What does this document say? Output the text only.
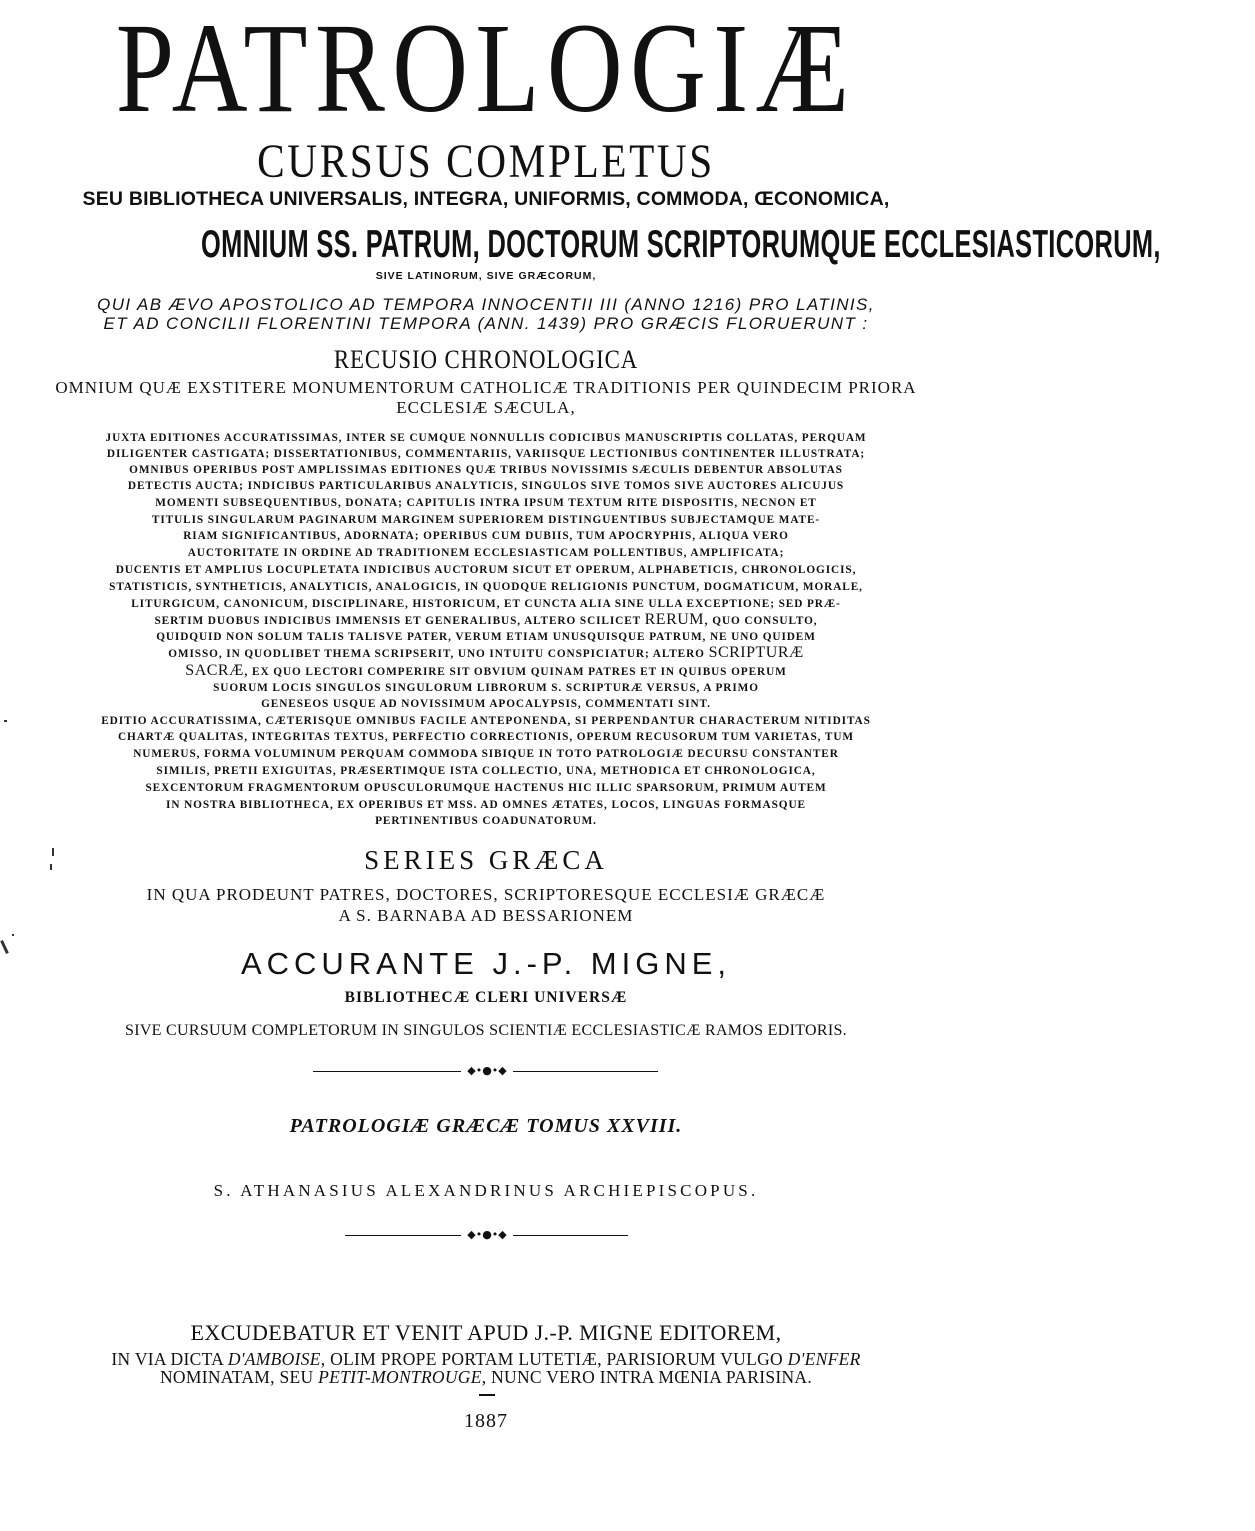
PATROLOGIÆ
CURSUS COMPLETUS
SEU BIBLIOTHECA UNIVERSALIS, INTEGRA, UNIFORMIS, COMMODA, ŒCONOMICA,
OMNIUM SS. PATRUM, DOCTORUM SCRIPTORUMQUE ECCLESIASTICORUM,
SIVE LATINORUM, SIVE GRÆCORUM,
QUI AB ÆVO APOSTOLICO AD TEMPORA INNOCENTII III (ANNO 1216) PRO LATINIS,
ET AD CONCILII FLORENTINI TEMPORA (ANN. 1439) PRO GRÆCIS FLORUERUNT :
RECUSIO CHRONOLOGICA
OMNIUM QUÆ EXSTITERE MONUMENTORUM CATHOLICÆ TRADITIONIS PER QUINDECIM PRIORA
ECCLESIÆ SÆCULA,
JUXTA EDITIONES ACCURATISSIMAS, INTER SE CUMQUE NONNULLIS CODICIBUS MANUSCRIPTIS COLLATAS, PERQUAM
DILIGENTER CASTIGATA; DISSERTATIONIBUS, COMMENTARIIS, VARIISQUE LECTIONIBUS CONTINENTER ILLUSTRATA;
OMNIBUS OPERIBUS POST AMPLISSIMAS EDITIONES QUÆ TRIBUS NOVISSIMIS SÆCULIS DEBENTUR ABSOLUTAS
DETECTIS AUCTA; INDICIBUS PARTICULARIBUS ANALYTICIS, SINGULOS SIVE TOMOS SIVE AUCTORES ALICUJUS
MOMENTI SUBSEQUENTIBUS, DONATA; CAPITULIS INTRA IPSUM TEXTUM RITE DISPOSITIS, NECNON ET
TITULIS SINGULARUM PAGINARUM MARGINEM SUPERIOREM DISTINGUENTIBUS SUBJECTAMQUE MATE-
RIAM SIGNIFICANTIBUS, ADORNATA; OPERIBUS CUM DUBIIS, TUM APOCRYPHIS, ALIQUA VERO
AUCTORITATE IN ORDINE AD TRADITIONEM ECCLESIASTICAM POLLENTIBUS, AMPLIFICATA;
DUCENTIS ET AMPLIUS LOCUPLETATA INDICIBUS AUCTORUM SICUT ET OPERUM, ALPHABETICIS, CHRONOLOGICIS,
STATISTICIS, SYNTHETICIS, ANALYTICIS, ANALOGICIS, IN QUODQUE RELIGIONIS PUNCTUM, DOGMATICUM, MORALE,
LITURGICUM, CANONICUM, DISCIPLINARE, HISTORICUM, ET CUNCTA ALIA SINE ULLA EXCEPTIONE; SED PRÆ-
SERTIM DUOBUS INDICIBUS IMMENSIS ET GENERALIBUS, ALTERO SCILICET RERUM, QUO CONSULTO,
QUIDQUID NON SOLUM TALIS TALISVE PATER, VERUM ETIAM UNUSQUISQUE PATRUM, NE UNO QUIDEM
OMISSO, IN QUODLIBET THEMA SCRIPSERIT, UNO INTUITU CONSPICIATUR; ALTERO SCRIPTURÆ
SACRÆ, EX QUO LECTORI COMPERIRE SIT OBVIUM QUINAM PATRES ET IN QUIBUS OPERUM
SUORUM LOCIS SINGULOS SINGULORUM LIBRORUM S. SCRIPTURÆ VERSUS, A PRIMO
GENESEOS USQUE AD NOVISSIMUM APOCALYPSIS, COMMENTATI SINT.
EDITIO ACCURATISSIMA, CÆTERISQUE OMNIBUS FACILE ANTEPONENDA, SI PERPENDANTUR CHARACTERUM NITIDITAS
CHARTÆ QUALITAS, INTEGRITAS TEXTUS, PERFECTIO CORRECTIONIS, OPERUM RECUSORUM TUM VARIETAS, TUM
NUMERUS, FORMA VOLUMINUM PERQUAM COMMODA SIBIQUE IN TOTO PATROLOGIÆ DECURSU CONSTANTER
SIMILIS, PRETII EXIGUITAS, PRÆSERTIMQUE ISTA COLLECTIO, UNA, METHODICA ET CHRONOLOGICA,
SEXCENTORUM FRAGMENTORUM OPUSCULORUMQUE HACTENUS HIC ILLIC SPARSORUM, PRIMUM AUTEM
IN NOSTRA BIBLIOTHECA, EX OPERIBUS ET MSS. AD OMNES ÆTATES, LOCOS, LINGUAS FORMASQUE
PERTINENTIBUS COADUNATORUM.
SERIES GRÆCA
IN QUA PRODEUNT PATRES, DOCTORES, SCRIPTORESQUE ECCLESIÆ GRÆCÆ
A S. BARNABA AD BESSARIONEM
ACCURANTE J.-P. MIGNE,
BIBLIOTHECÆ CLERI UNIVERSÆ
SIVE CURSUUM COMPLETORUM IN SINGULOS SCIENTIÆ ECCLESIASTICÆ RAMOS EDITORIS.
◆•●•◆
PATROLOGIÆ GRÆCÆ TOMUS XXVIII.
S. ATHANASIUS ALEXANDRINUS ARCHIEPISCOPUS.
◆•●•◆
EXCUDEBATUR ET VENIT APUD J.-P. MIGNE EDITOREM,
IN VIA DICTA D'AMBOISE, OLIM PROPE PORTAM LUTETIÆ, PARISIORUM VULGO D'ENFER
NOMINATAM, SEU PETIT-MONTROUGE, NUNC VERO INTRA MŒNIA PARISINA.
1887
